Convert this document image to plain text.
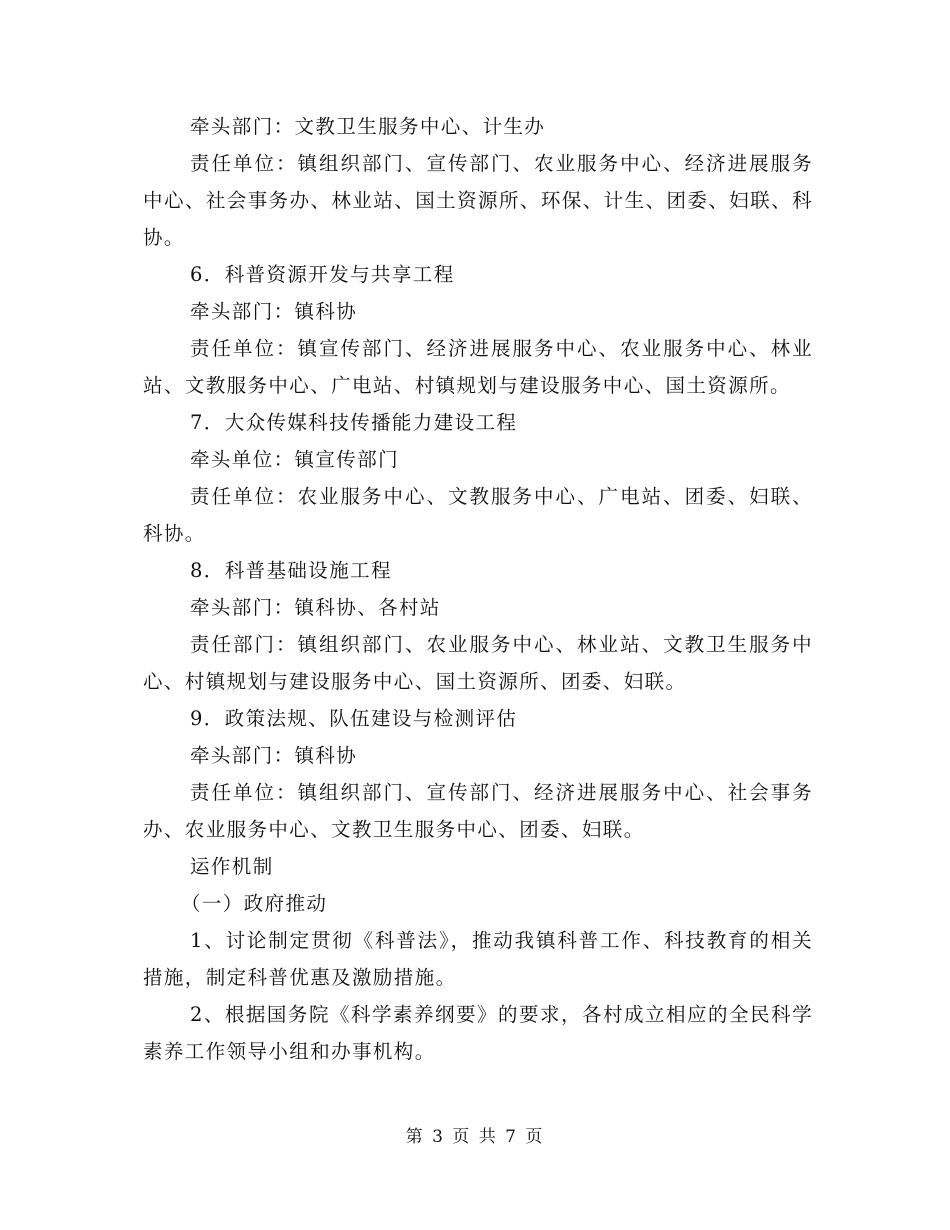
牵头部门：文教卫生服务中心、计生办

责任单位：镇组织部门、宣传部门、农业服务中心、经济进展服务中心、社会事务办、林业站、国土资源所、环保、计生、团委、妇联、科协。

6．科普资源开发与共享工程

牵头部门：镇科协

责任单位：镇宣传部门、经济进展服务中心、农业服务中心、林业站、文教服务中心、广电站、村镇规划与建设服务中心、国土资源所。

7．大众传媒科技传播能力建设工程

牵头单位：镇宣传部门

责任单位：农业服务中心、文教服务中心、广电站、团委、妇联、科协。

8．科普基础设施工程

牵头部门：镇科协、各村站

责任部门：镇组织部门、农业服务中心、林业站、文教卫生服务中心、村镇规划与建设服务中心、国土资源所、团委、妇联。

9．政策法规、队伍建设与检测评估

牵头部门：镇科协

责任单位：镇组织部门、宣传部门、经济进展服务中心、社会事务办、农业服务中心、文教卫生服务中心、团委、妇联。

运作机制

（一）政府推动

1、讨论制定贯彻《科普法》，推动我镇科普工作、科技教育的相关措施，制定科普优惠及激励措施。

2、根据国务院《科学素养纲要》的要求，各村成立相应的全民科学素养工作领导小组和办事机构。

第 3 页 共 7 页
